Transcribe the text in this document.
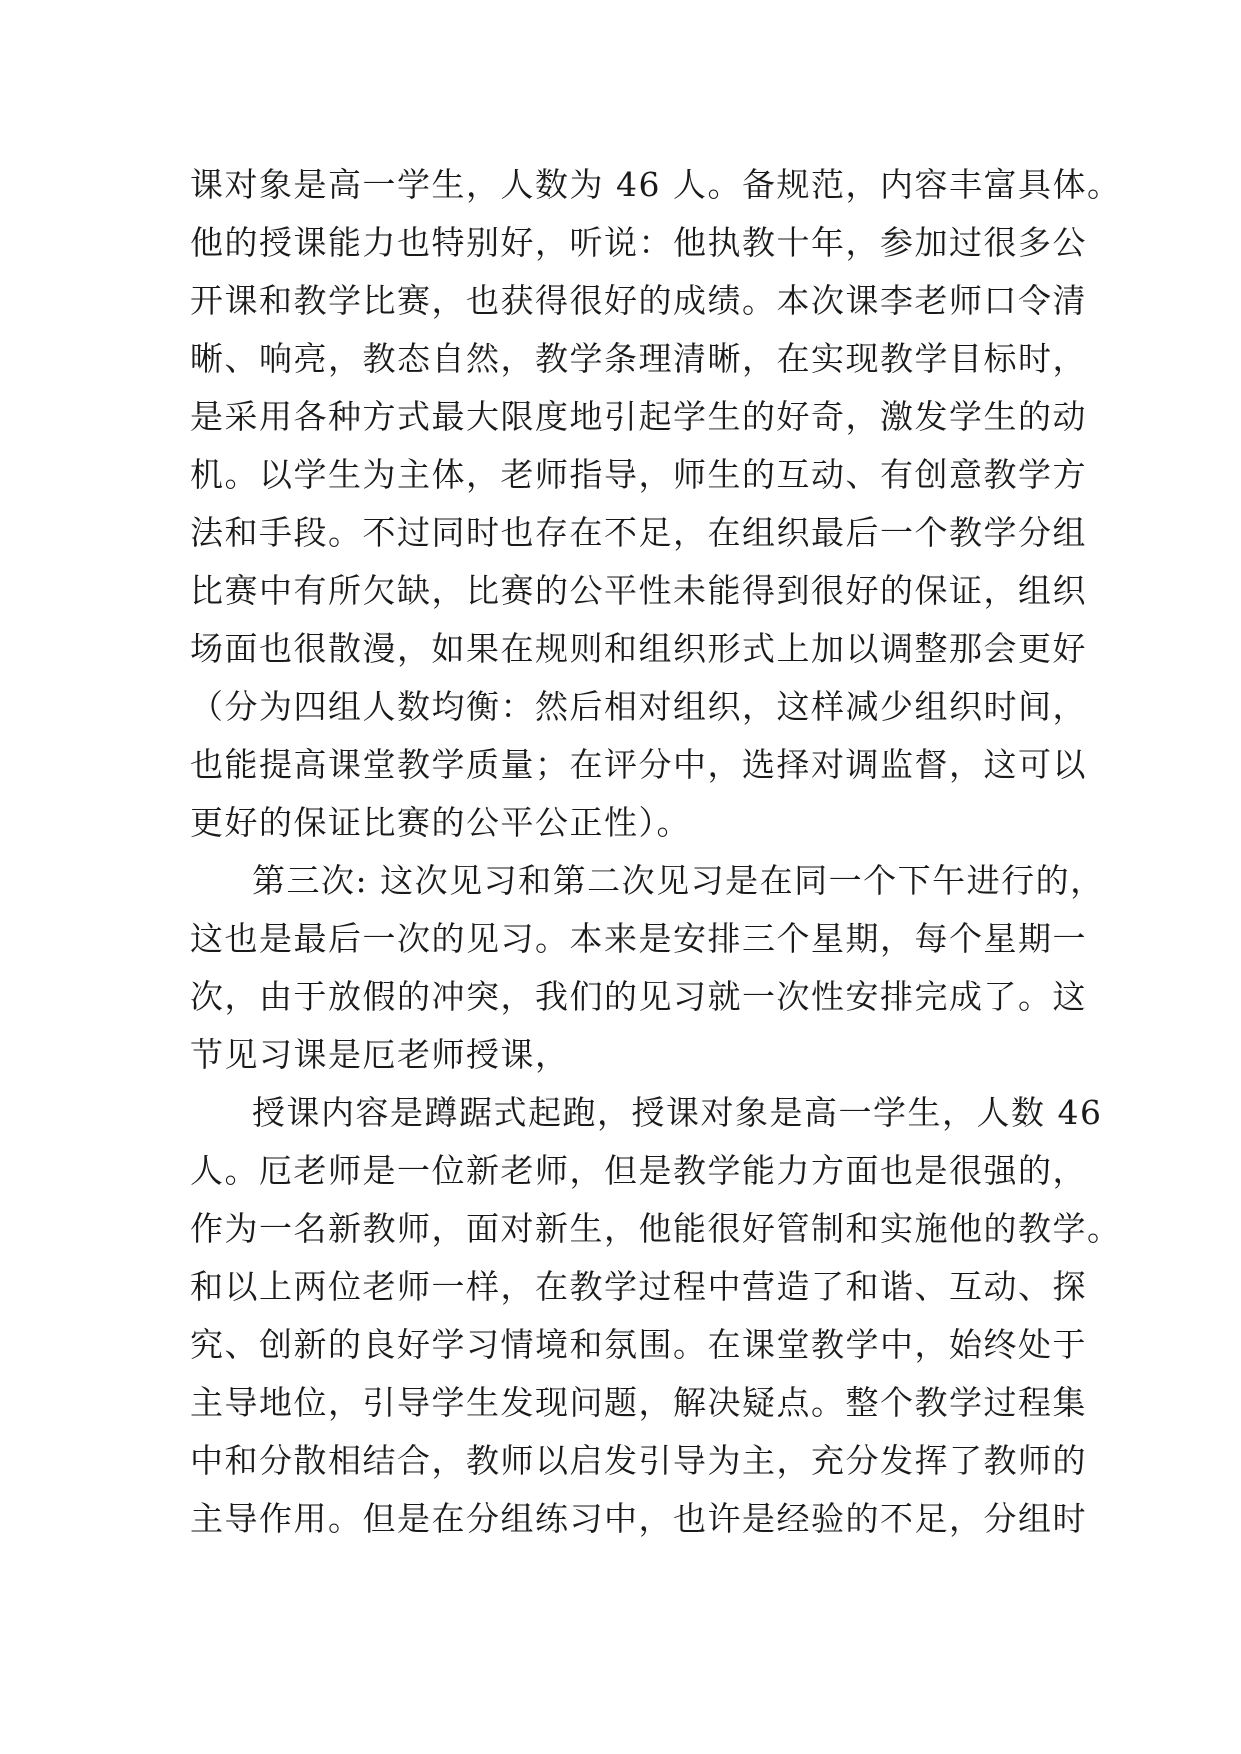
课对象是高一学生，人数为 46 人。备规范，内容丰富具体。
他的授课能力也特别好，听说：他执教十年，参加过很多公
开课和教学比赛，也获得很好的成绩。本次课李老师口令清
晰、响亮，教态自然，教学条理清晰，在实现教学目标时，
是采用各种方式最大限度地引起学生的好奇，激发学生的动
机。以学生为主体，老师指导，师生的互动、有创意教学方
法和手段。不过同时也存在不足，在组织最后一个教学分组
比赛中有所欠缺，比赛的公平性未能得到很好的保证，组织
场面也很散漫，如果在规则和组织形式上加以调整那会更好
（分为四组人数均衡：然后相对组织，这样减少组织时间，
也能提高课堂教学质量；在评分中，选择对调监督，这可以
更好的保证比赛的公平公正性）。
第三次: 这次见习和第二次见习是在同一个下午进行的，
这也是最后一次的见习。本来是安排三个星期，每个星期一
次，由于放假的冲突，我们的见习就一次性安排完成了。这
节见习课是厄老师授课，
授课内容是蹲踞式起跑，授课对象是高一学生，人数 46
人。厄老师是一位新老师，但是教学能力方面也是很强的，
作为一名新教师，面对新生，他能很好管制和实施他的教学。
和以上两位老师一样，在教学过程中营造了和谐、互动、探
究、创新的良好学习情境和氛围。在课堂教学中，始终处于
主导地位，引导学生发现问题，解决疑点。整个教学过程集
中和分散相结合，教师以启发引导为主，充分发挥了教师的
主导作用。但是在分组练习中，也许是经验的不足，分组时
